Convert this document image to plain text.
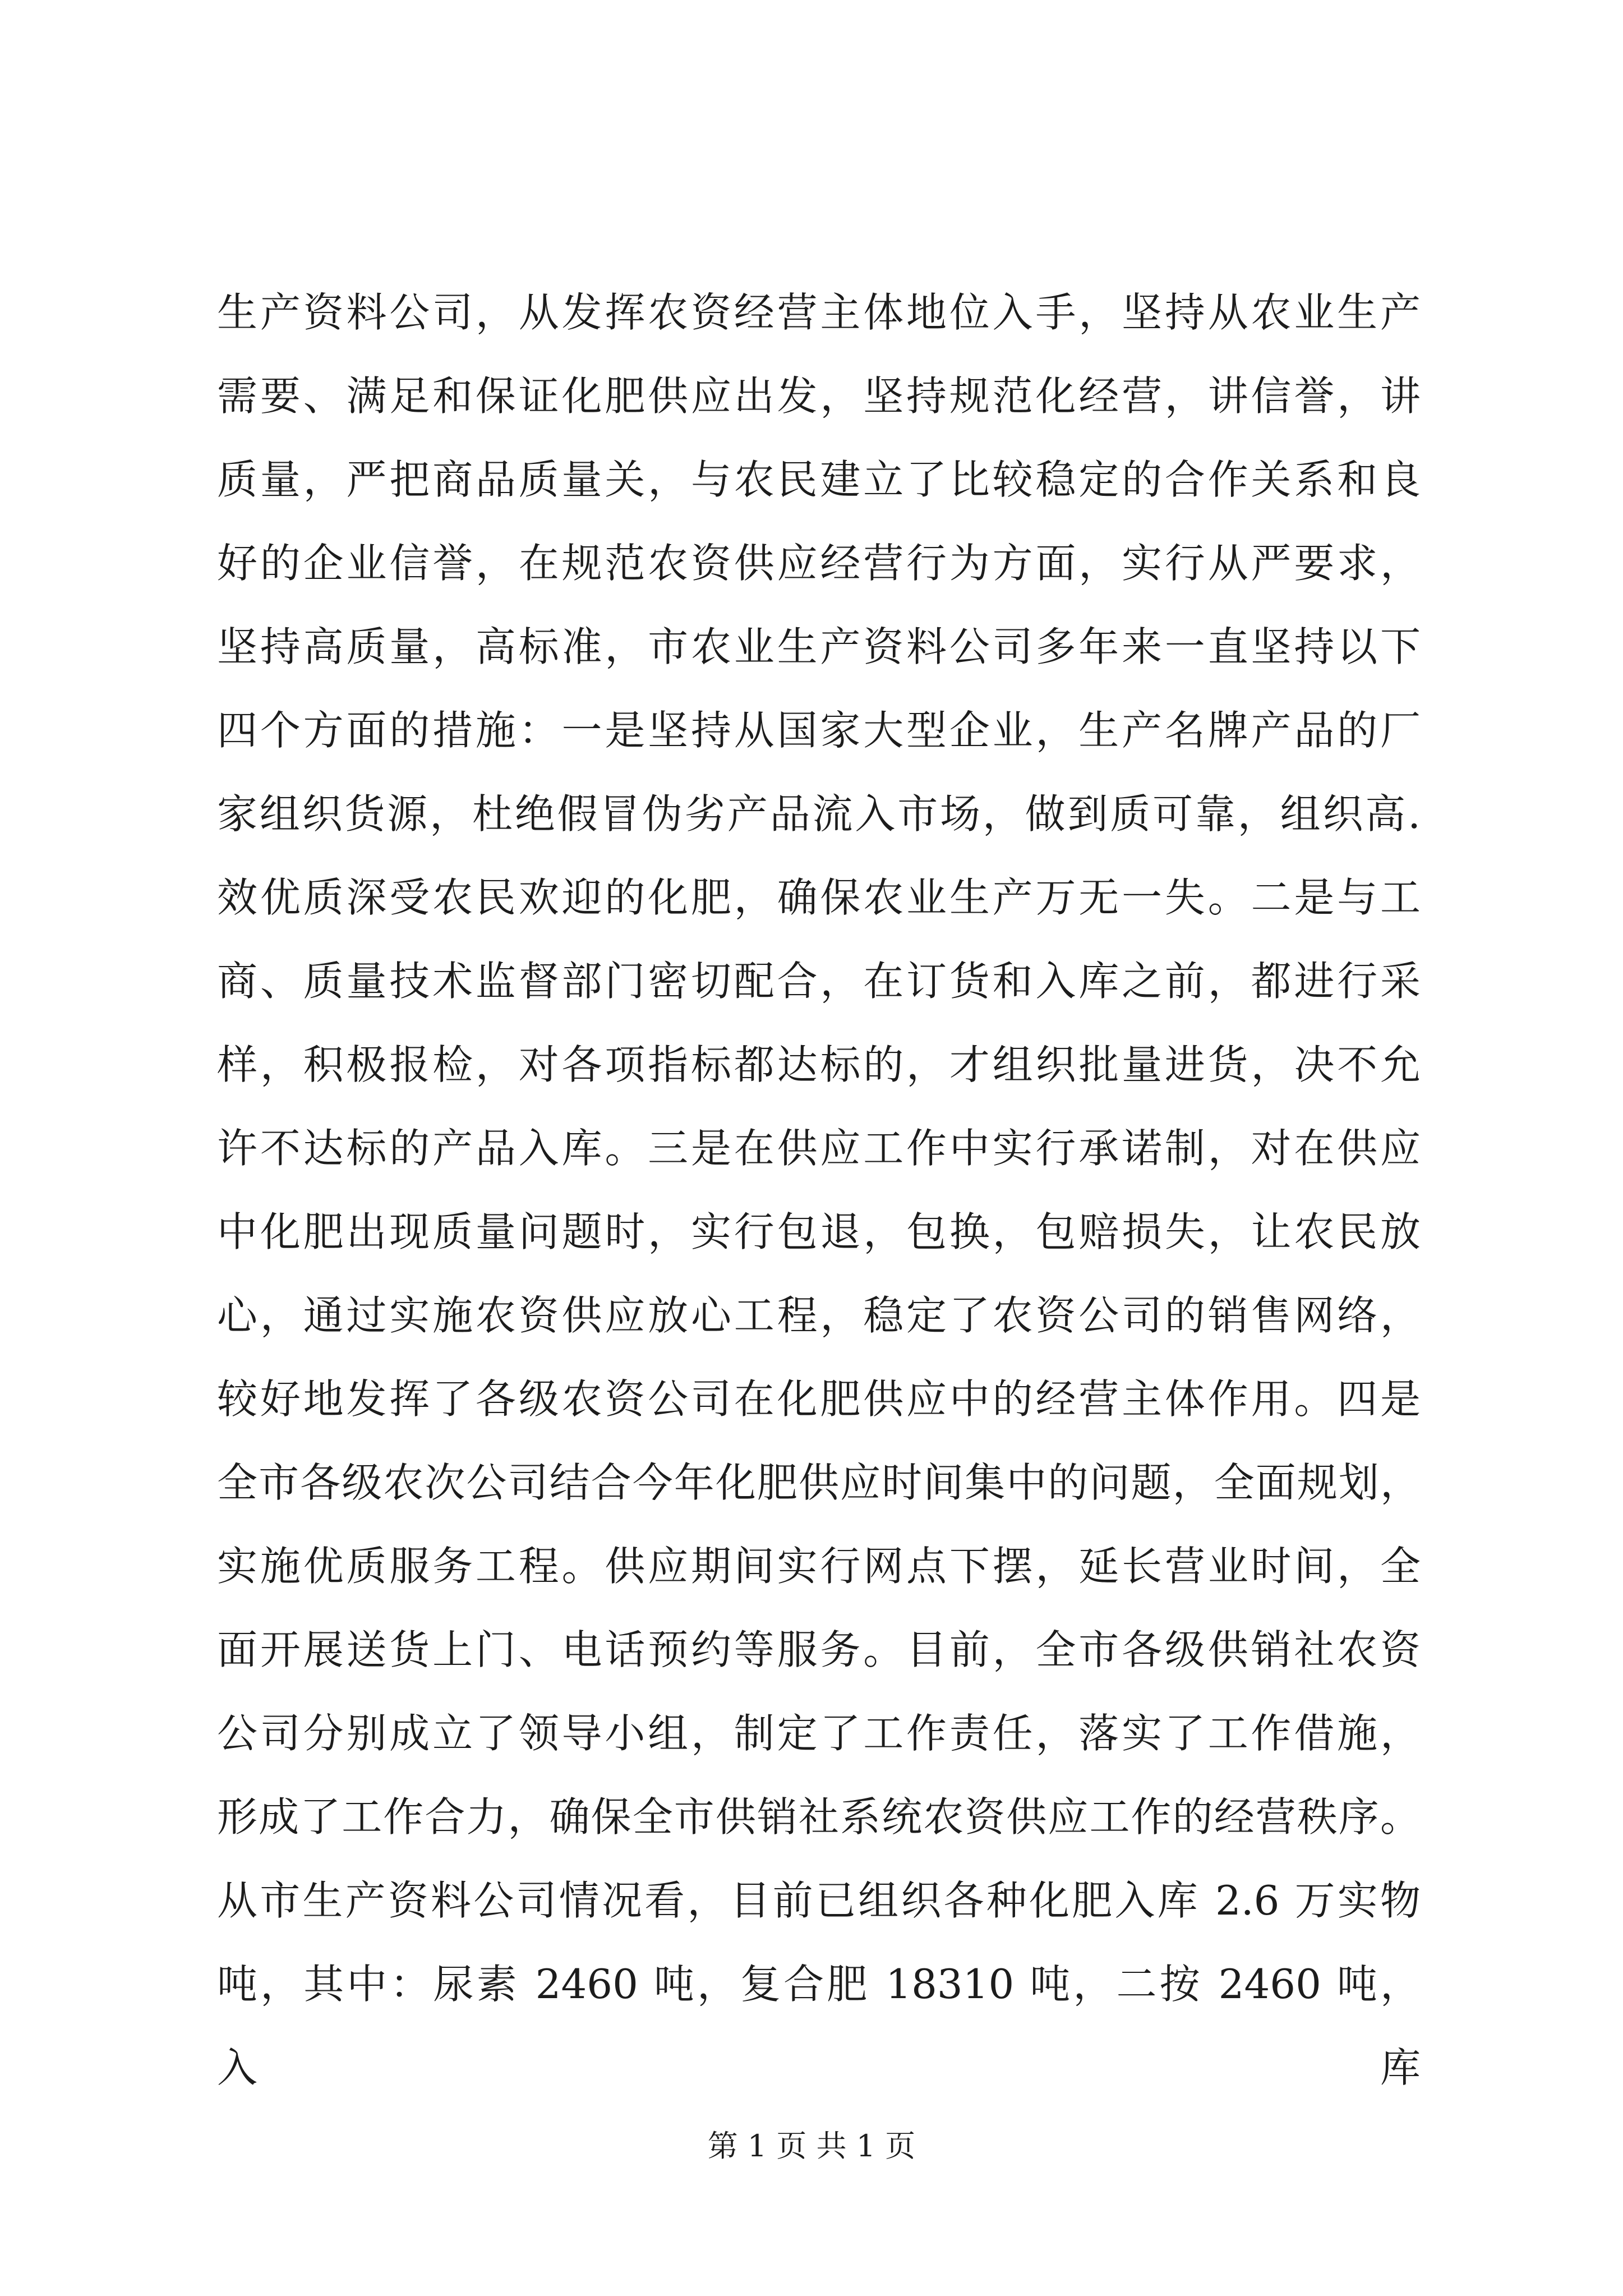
生产资料公司，从发挥农资经营主体地位入手，坚持从农业生产
需要、满足和保证化肥供应出发，坚持规范化经营，讲信誉，讲
质量，严把商品质量关，与农民建立了比较稳定的合作关系和良
好的企业信誉，在规范农资供应经营行为方面，实行从严要求，
坚持高质量，高标准，市农业生产资料公司多年来一直坚持以下
四个方面的措施：一是坚持从国家大型企业，生产名牌产品的厂
家组织货源，杜绝假冒伪劣产品流入市场，做到质可靠，组织高.
效优质深受农民欢迎的化肥，确保农业生产万无一失。二是与工
商、质量技术监督部门密切配合，在订货和入库之前，都进行采
样，积极报检，对各项指标都达标的，才组织批量进货，决不允
许不达标的产品入库。三是在供应工作中实行承诺制，对在供应
中化肥出现质量问题时，实行包退，包换，包赔损失，让农民放
心，通过实施农资供应放心工程，稳定了农资公司的销售网络，
较好地发挥了各级农资公司在化肥供应中的经营主体作用。四是
全市各级农次公司结合今年化肥供应时间集中的问题，全面规划，
实施优质服务工程。供应期间实行网点下摆，延长营业时间，全
面开展送货上门、电话预约等服务。目前，全市各级供销社农资
公司分别成立了领导小组，制定了工作责任，落实了工作借施，
形成了工作合力，确保全市供销社系统农资供应工作的经营秩序。
从市生产资料公司情况看，目前已组织各种化肥入库 2.6 万实物
吨，其中：尿素 2460 吨，复合肥 18310 吨，二按 2460 吨，入库
第 1 页 共 1 页
